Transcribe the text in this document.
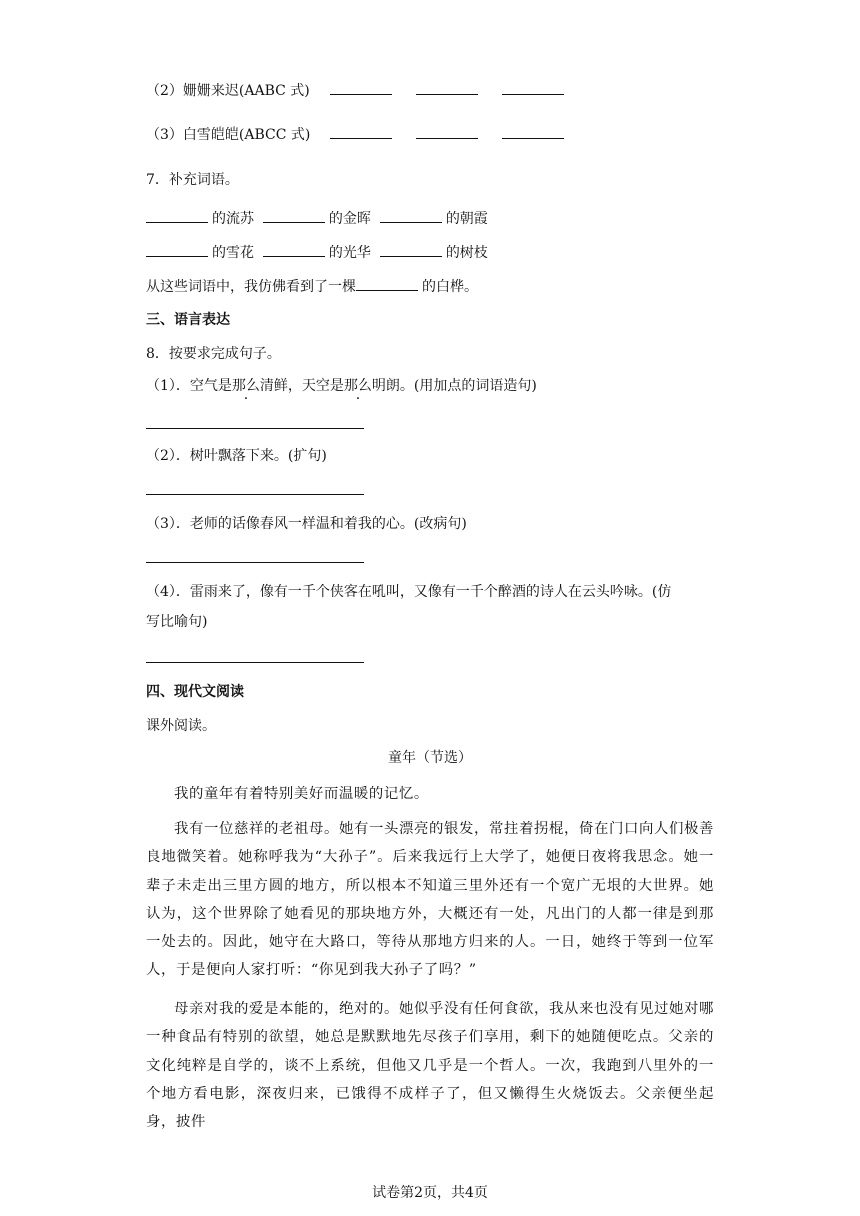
（2）姗姗来迟(AABC 式)
（3）白雪皑皑(ABCC 式)
7．补充词语。
的流苏	的金晖	的朝霞
的雪花	的光华	的树枝
从这些词语中，我仿佛看到了一棵	的白桦。
三、语言表达
8．按要求完成句子。
（1）．空气是那么清鲜，天空是那么明朗。(用加点的词语造句)
（2）．树叶飘落下来。(扩句)
（3）．老师的话像春风一样温和着我的心。(改病句)
（4）．雷雨来了，像有一千个侠客在吼叫，又像有一千个醉酒的诗人在云头吟咏。(仿
写比喻句)
四、现代文阅读
课外阅读。
童年（节选）
我的童年有着特别美好而温暖的记忆。
我有一位慈祥的老祖母。她有一头漂亮的银发，常拄着拐棍，倚在门口向人们极善良地微笑着。她称呼我为“大孙子”。后来我远行上大学了，她便日夜将我思念。她一辈子未走出三里方圆的地方，所以根本不知道三里外还有一个宽广无垠的大世界。她认为，这个世界除了她看见的那块地方外，大概还有一处，凡出门的人都一律是到那一处去的。因此，她守在大路口，等待从那地方归来的人。一日，她终于等到一位军人，于是便向人家打听：“你见到我大孙子了吗？”
母亲对我的爱是本能的，绝对的。她似乎没有任何食欲，我从来也没有见过她对哪一种食品有特别的欲望，她总是默默地先尽孩子们享用，剩下的她随便吃点。父亲的文化纯粹是自学的，谈不上系统，但他又几乎是一个哲人。一次，我跑到八里外的一个地方看电影，深夜归来，已饿得不成样子了，但又懒得生火烧饭去。父亲便坐起身，披件
试卷第2页，共4页
